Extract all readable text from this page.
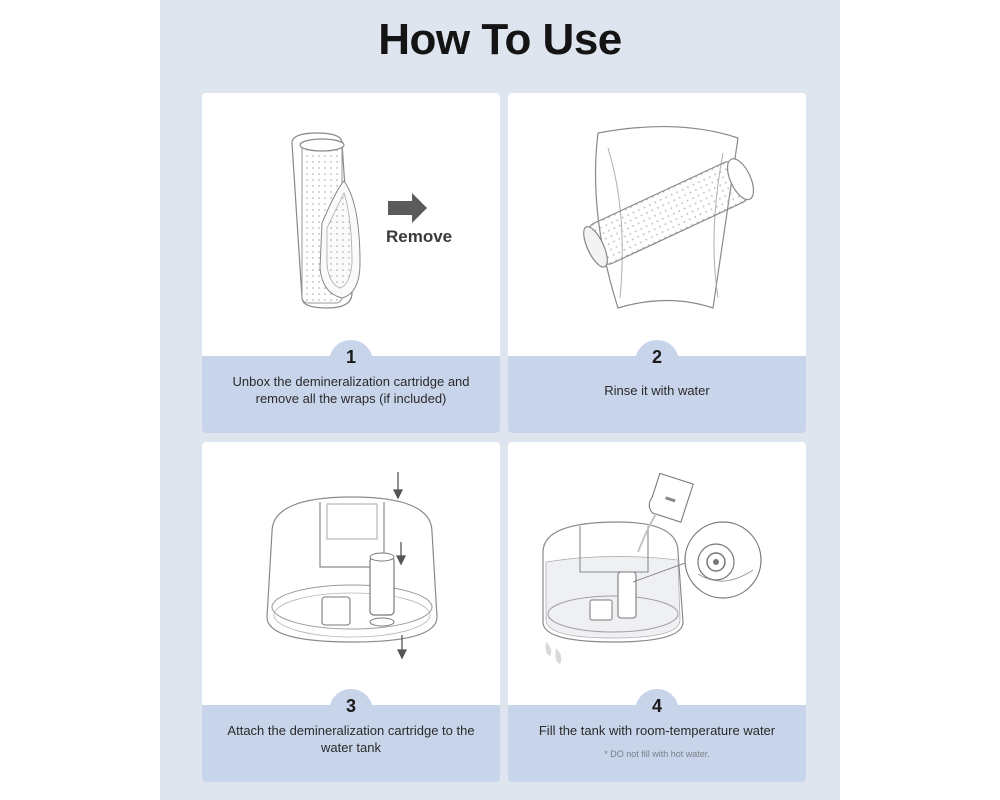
How To Use
Remove
1
Unbox the demineralization cartridge and remove all the wraps (if included)
2
Rinse it with water
3
Attach the demineralization cartridge to the water tank
4
Fill the tank with room-temperature water
* DO not fill with hot water.
